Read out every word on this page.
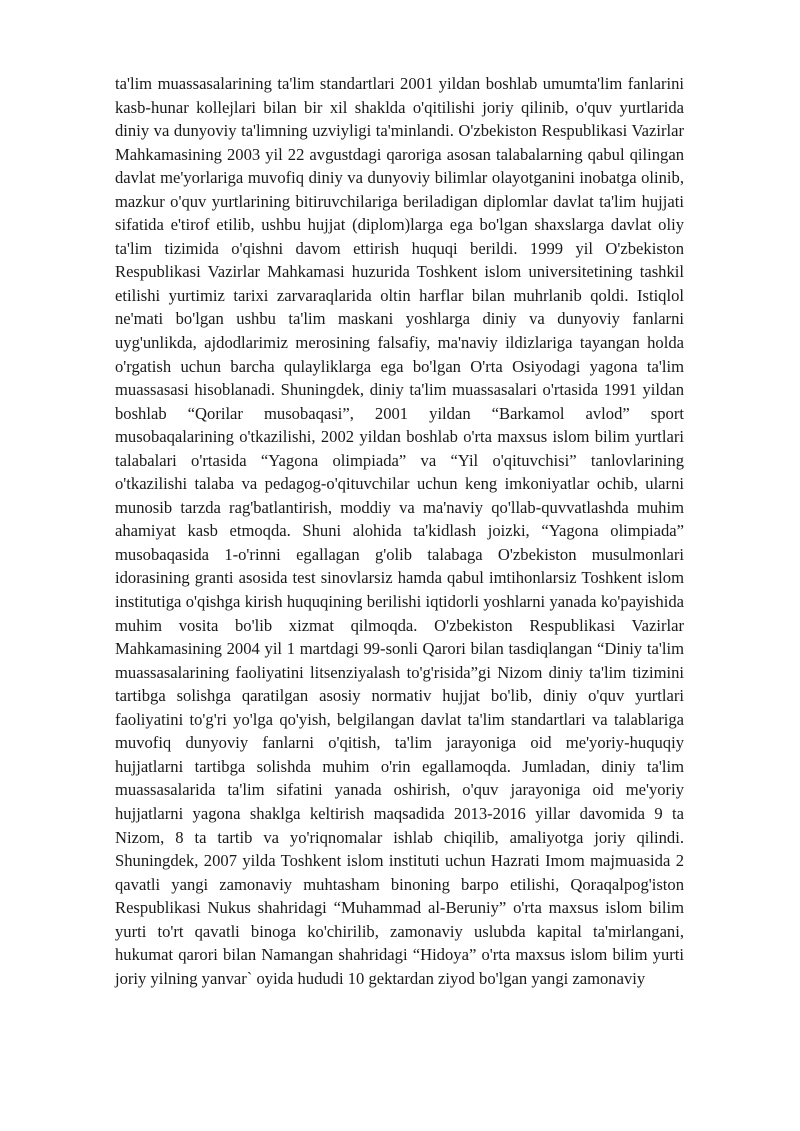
ta'lim muassasalarining ta'lim standartlari 2001 yildan boshlab umumta'lim fanlarini kasb-hunar kollejlari bilan bir xil shaklda o'qitilishi joriy qilinib, o'quv yurtlarida diniy va dunyoviy ta'limning uzviyligi ta'minlandi. O'zbekiston Respublikasi Vazirlar Mahkamasining 2003 yil 22 avgustdagi qaroriga asosan talabalarning qabul qilingan davlat me'yorlariga muvofiq diniy va dunyoviy bilimlar olayotganini inobatga olinib, mazkur o'quv yurtlarining bitiruvchilariga beriladigan diplomlar davlat ta'lim hujjati sifatida e'tirof etilib, ushbu hujjat (diplom)larga ega bo'lgan shaxslarga davlat oliy ta'lim tizimida o'qishni davom ettirish huquqi berildi. 1999 yil O'zbekiston Respublikasi Vazirlar Mahkamasi huzurida Toshkent islom universitetining tashkil etilishi yurtimiz tarixi zarvaraqlarida oltin harflar bilan muhrlanib qoldi. Istiqlol ne'mati bo'lgan ushbu ta'lim maskani yoshlarga diniy va dunyoviy fanlarni uyg'unlikda, ajdodlarimiz merosining falsafiy, ma'naviy ildizlariga tayangan holda o'rgatish uchun barcha qulayliklarga ega bo'lgan O'rta Osiyodagi yagona ta'lim muassasasi hisoblanadi. Shuningdek, diniy ta'lim muassasalari o'rtasida 1991 yildan boshlab “Qorilar musobaqasi”, 2001 yildan “Barkamol avlod” sport musobaqalarining o'tkazilishi, 2002 yildan boshlab o'rta maxsus islom bilim yurtlari talabalari o'rtasida “Yagona olimpiada” va “Yil o'qituvchisi” tanlovlarining o'tkazilishi talaba va pedagog-o'qituvchilar uchun keng imkoniyatlar ochib, ularni munosib tarzda rag'batlantirish, moddiy va ma'naviy qo'llab-quvvatlashda muhim ahamiyat kasb etmoqda. Shuni alohida ta'kidlash joizki, “Yagona olimpiada” musobaqasida 1-o'rinni egallagan g'olib talabaga O'zbekiston musulmonlari idorasining granti asosida test sinovlarsiz hamda qabul imtihonlarsiz Toshkent islom institutiga o'qishga kirish huquqining berilishi iqtidorli yoshlarni yanada ko'payishida muhim vosita bo'lib xizmat qilmoqda. O'zbekiston Respublikasi Vazirlar Mahkamasining 2004 yil 1 martdagi 99-sonli Qarori bilan tasdiqlangan “Diniy ta'lim muassasalarining faoliyatini litsenziyalash to'g'risida”gi Nizom diniy ta'lim tizimini tartibga solishga qaratilgan asosiy normativ hujjat bo'lib, diniy o'quv yurtlari faoliyatini to'g'ri yo'lga qo'yish, belgilangan davlat ta'lim standartlari va talablariga muvofiq dunyoviy fanlarni o'qitish, ta'lim jarayoniga oid me'yoriy-huquqiy hujjatlarni tartibga solishda muhim o'rin egallamoqda. Jumladan, diniy ta'lim muassasalarida ta'lim sifatini yanada oshirish, o'quv jarayoniga oid me'yoriy hujjatlarni yagona shaklga keltirish maqsadida 2013-2016 yillar davomida 9 ta Nizom, 8 ta tartib va yo'riqnomalar ishlab chiqilib, amaliyotga joriy qilindi. Shuningdek, 2007 yilda Toshkent islom instituti uchun Hazrati Imom majmuasida 2 qavatli yangi zamonaviy muhtasham binoning barpo etilishi, Qoraqalpog'iston Respublikasi Nukus shahridagi “Muhammad al-Beruniy” o'rta maxsus islom bilim yurti to'rt qavatli binoga ko'chirilib, zamonaviy uslubda kapital ta'mirlangani, hukumat qarori bilan Namangan shahridagi “Hidoya” o'rta maxsus islom bilim yurti joriy yilning yanvar` oyida hududi 10 gektardan ziyod bo'lgan yangi zamonaviy
